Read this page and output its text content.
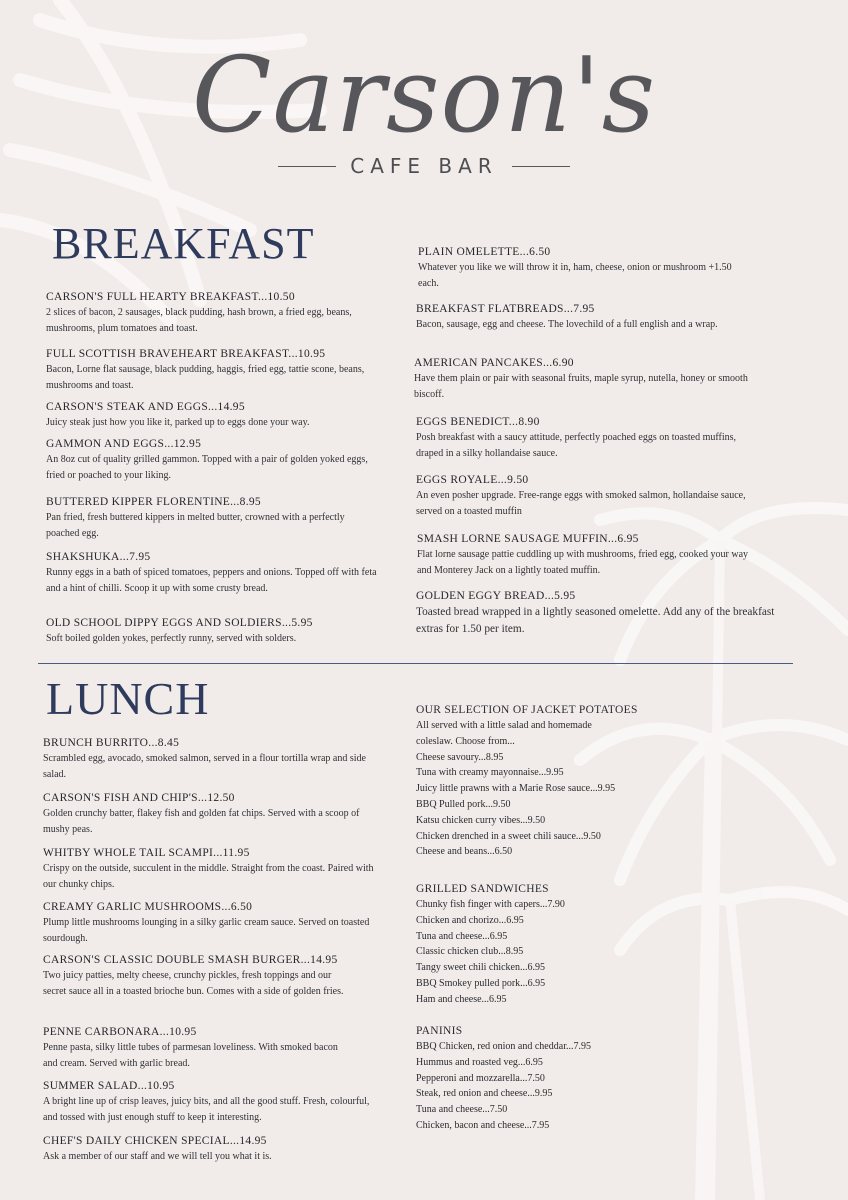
Carson's
CAFE BAR
BREAKFAST
CARSON'S FULL HEARTY BREAKFAST...10.50
2 slices of bacon, 2 sausages, black pudding, hash brown, a fried egg, beans, mushrooms, plum tomatoes and toast.
FULL SCOTTISH BRAVEHEART BREAKFAST...10.95
Bacon, Lorne flat sausage, black pudding, haggis, fried egg, tattie scone, beans, mushrooms and toast.
CARSON'S STEAK AND EGGS...14.95
Juicy steak just how you like it, parked up to eggs done your way.
GAMMON AND EGGS...12.95
An 8oz cut of quality grilled gammon. Topped with a pair of golden yoked eggs, fried or poached to your liking.
BUTTERED KIPPER FLORENTINE...8.95
Pan fried, fresh buttered kippers in melted butter, crowned with a perfectly poached egg.
SHAKSHUKA...7.95
Runny eggs in a bath of spiced tomatoes, peppers and onions. Topped off with feta and a hint of chilli. Scoop it up with some crusty bread.
OLD SCHOOL DIPPY EGGS AND SOLDIERS...5.95
Soft boiled golden yokes, perfectly runny, served with solders.
PLAIN OMELETTE...6.50
Whatever you like we will throw it in, ham, cheese, onion or mushroom +1.50 each.
BREAKFAST FLATBREADS...7.95
Bacon, sausage, egg and cheese. The lovechild of a full english and a wrap.
AMERICAN PANCAKES...6.90
Have them plain or pair with seasonal fruits, maple syrup, nutella, honey or smooth biscoff.
EGGS BENEDICT...8.90
Posh breakfast with a saucy attitude, perfectly poached eggs on toasted muffins, draped in a silky hollandaise sauce.
EGGS ROYALE...9.50
An even posher upgrade. Free-range eggs with smoked salmon, hollandaise sauce, served on a toasted muffin
SMASH LORNE SAUSAGE MUFFIN...6.95
Flat lorne sausage pattie cuddling up with mushrooms, fried egg, cooked your way and Monterey Jack on a lightly toated muffin.
GOLDEN EGGY BREAD...5.95
Toasted bread wrapped in a lightly seasoned omelette. Add any of the breakfast extras for 1.50 per item.
LUNCH
BRUNCH BURRITO...8.45
Scrambled egg, avocado, smoked salmon, served in a flour tortilla wrap and side salad.
CARSON'S FISH AND CHIP'S...12.50
Golden crunchy batter, flakey fish and golden fat chips. Served with a scoop of mushy peas.
WHITBY WHOLE TAIL SCAMPI...11.95
Crispy on the outside, succulent in the middle. Straight from the coast. Paired with our chunky chips.
CREAMY GARLIC MUSHROOMS...6.50
Plump little mushrooms lounging in a silky garlic cream sauce. Served on toasted sourdough.
CARSON'S CLASSIC DOUBLE SMASH BURGER...14.95
Two juicy patties, melty cheese, crunchy pickles, fresh toppings and our secret sauce all in a toasted brioche bun. Comes with a side of golden fries.
PENNE CARBONARA...10.95
Penne pasta, silky little tubes of parmesan loveliness. With smoked bacon and cream. Served with garlic bread.
SUMMER SALAD...10.95
A bright line up of crisp leaves, juicy bits, and all the good stuff. Fresh, colourful, and tossed with just enough stuff to keep it interesting.
CHEF'S DAILY CHICKEN SPECIAL...14.95
Ask a member of our staff and we will tell you what it is.
OUR SELECTION OF JACKET POTATOES
All served with a little salad and homemade
coleslaw. Choose from...
Cheese savoury...8.95
Tuna with creamy mayonnaise...9.95
Juicy little prawns with a Marie Rose sauce...9.95
BBQ Pulled pork...9.50
Katsu chicken curry vibes...9.50
Chicken drenched in a sweet chili sauce...9.50
Cheese and beans...6.50
GRILLED SANDWICHES
Chunky fish finger with capers...7.90
Chicken and chorizo...6.95
Tuna and cheese...6.95
Classic chicken club...8.95
Tangy sweet chili chicken...6.95
BBQ Smokey pulled pork...6.95
Ham and cheese...6.95
PANINIS
BBQ Chicken, red onion and cheddar...7.95
Hummus and roasted veg...6.95
Pepperoni and mozzarella...7.50
Steak, red onion and cheese...9.95
Tuna and cheese...7.50
Chicken, bacon and cheese...7.95
